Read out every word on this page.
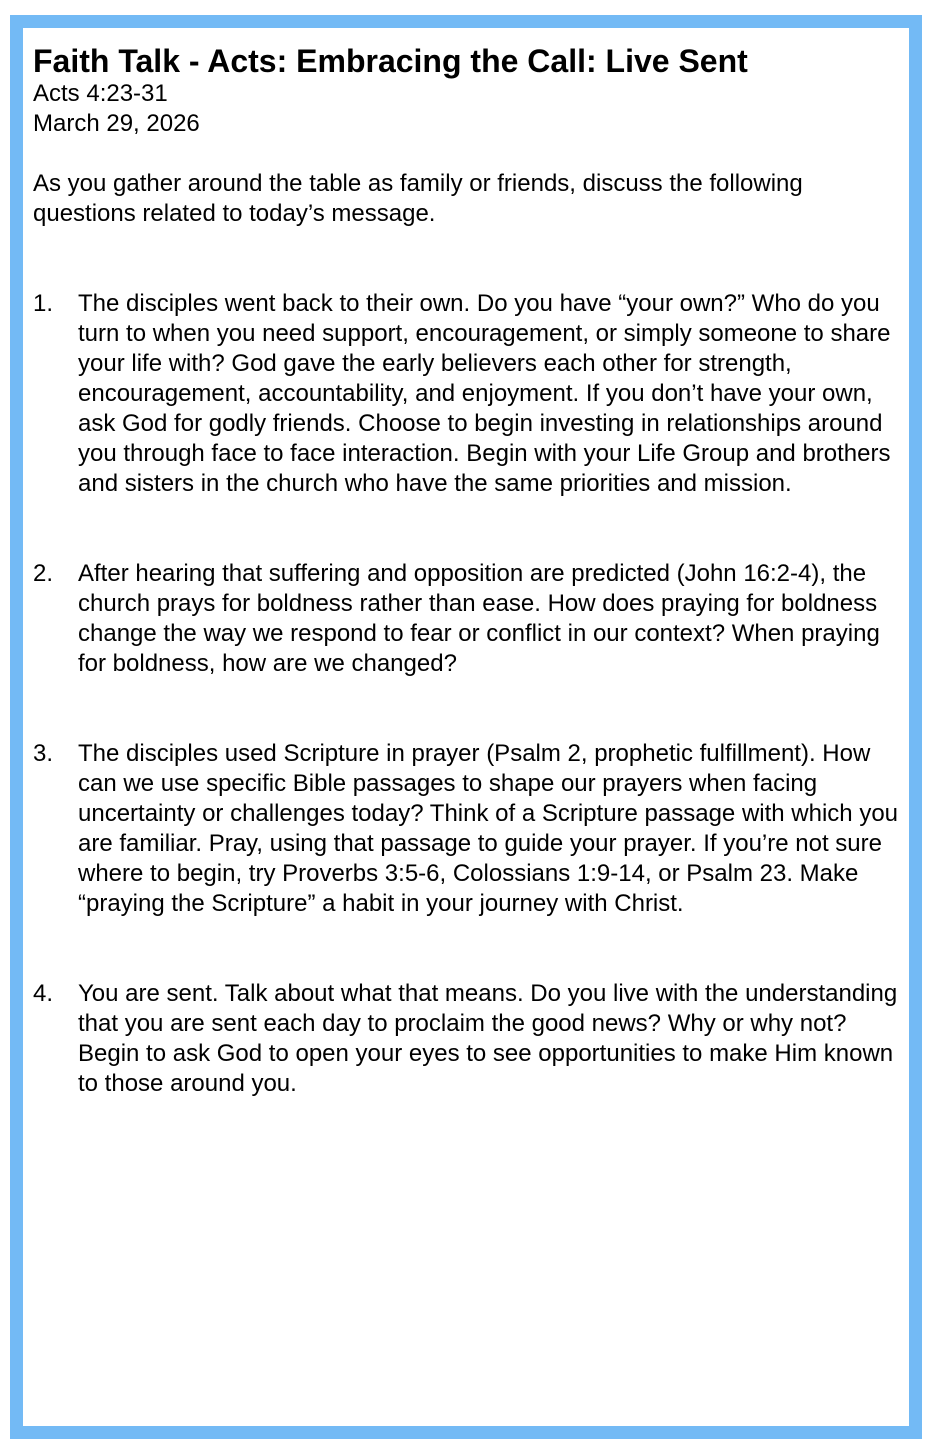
Faith Talk - Acts: Embracing the Call: Live Sent

Acts 4:23-31

March 29, 2026

As you gather around the table as family or friends, discuss the following questions related to today’s message.

1. The disciples went back to their own. Do you have “your own?” Who do you turn to when you need support, encouragement, or simply someone to share your life with? God gave the early believers each other for strength, encouragement, accountability, and enjoyment. If you don’t have your own, ask God for godly friends. Choose to begin investing in relationships around you through face to face interaction. Begin with your Life Group and brothers and sisters in the church who have the same priorities and mission.
2. After hearing that suffering and opposition are predicted (John 16:2-4), the church prays for boldness rather than ease. How does praying for boldness change the way we respond to fear or conflict in our context? When praying for boldness, how are we changed?
3. The disciples used Scripture in prayer (Psalm 2, prophetic fulfillment). How can we use specific Bible passages to shape our prayers when facing uncertainty or challenges today? Think of a Scripture passage with which you are familiar. Pray, using that passage to guide your prayer. If you’re not sure where to begin, try Proverbs 3:5-6, Colossians 1:9-14, or Psalm 23. Make “praying the Scripture” a habit in your journey with Christ.
4. You are sent. Talk about what that means. Do you live with the understanding that you are sent each day to proclaim the good news? Why or why not? Begin to ask God to open your eyes to see opportunities to make Him known to those around you.
